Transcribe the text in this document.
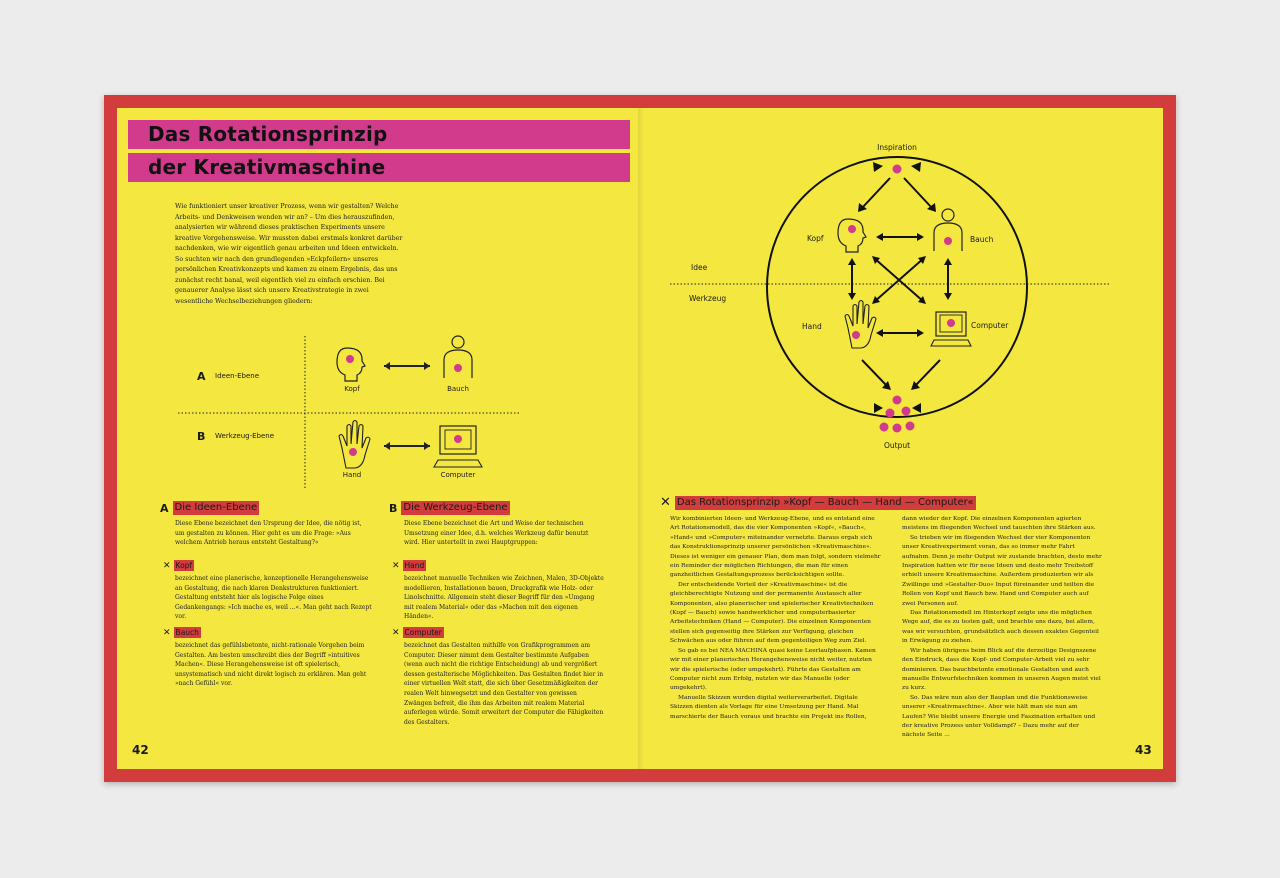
Das Rotationsprinzip
der Kreativmaschine

Wie funktioniert unser kreativer Prozess, wenn wir gestalten? Welche Arbeits- und Denkweisen wenden wir an? – Um dies herauszufinden, analysierten wir während dieses praktischen Experiments unsere kreative Vorgehensweise. Wir mussten dabei erstmals konkret darüber nachdenken, wie wir eigentlich genau arbeiten und Ideen entwickeln. So suchten wir nach den grundlegenden »Eckpfeilern« unseres persönlichen Kreativkonzepts und kamen zu einem Ergebnis, das uns zunächst recht banal, weil eigentlich viel zu einfach erschien. Bei genauerer Analyse lässt sich unsere Kreativstrategie in zwei wesentliche Wechselbeziehungen gliedern:

A Ideen-Ebene
B Werkzeug-Ebene
Kopf	Bauch
Hand	Computer
A Die Ideen-Ebene

Diese Ebene bezeichnet den Ursprung der Idee, die nötig ist, um gestalten zu können. Hier geht es um die Frage: »Aus welchem Antrieb heraus entsteht Gestaltung?«

✕ Kopf

bezeichnet eine planerische, konzeptionelle Herangehensweise an Gestaltung, die nach klaren Denkstrukturen funktioniert. Gestaltung entsteht hier als logische Folge eines Gedankengangs: »Ich mache es, weil ...«. Man geht nach Rezept vor.

✕ Bauch

bezeichnet das gefühlsbetonte, nicht-rationale Vorgehen beim Gestalten. Am besten umschreibt dies der Begriff »intuitives Machen«. Diese Herangehensweise ist oft spielerisch, unsystematisch und nicht direkt logisch zu erklären. Man geht »nach Gefühl« vor.

B Die Werkzeug-Ebene

Diese Ebene bezeichnet die Art und Weise der technischen Umsetzung einer Idee, d.h. welches Werkzeug dafür benutzt wird. Hier unterteilt in zwei Hauptgruppen:

✕ Hand

bezeichnet manuelle Techniken wie Zeichnen, Malen, 3D-Objekte modellieren, Installationen bauen, Druckgrafik wie Holz- oder Linolschnitte. Allgemein steht dieser Begriff für den »Umgang mit realem Material« oder das »Machen mit den eigenen Händen«.

✕ Computer

bezeichnet das Gestalten mithilfe von Grafikprogrammen am Computer. Dieser nimmt dem Gestalter bestimmte Aufgaben (wenn auch nicht die richtige Entscheidung) ab und vergrößert dessen gestalterische Möglichkeiten. Das Gestalten findet hier in einer virtuellen Welt statt, die sich über Gesetzmäßigkeiten der realen Welt hinwegsetzt und den Gestalter von gewissen Zwängen befreit, die ihm das Arbeiten mit realem Material auferlegen würde. Somit erweitert der Computer die Fähigkeiten des Gestalters.

42
Inspiration
Kopf	Bauch
Hand	Computer
Idee
Werkzeug
Output
✕ Das Rotationsprinzip »Kopf — Bauch — Hand — Computer«

Wir kombinierten Ideen- und Werkzeug-Ebene, und es entstand eine Art Rotationsmodell, das die vier Komponenten »Kopf«, »Bauch«, »Hand« und »Computer« miteinander vernetzte. Daraus ergab sich das Konstruktionsprinzip unserer persönlichen »Kreativmaschine«. Dieses ist weniger ein genauer Plan, dem man folgt, sondern vielmehr ein Reminder der möglichen Richtungen, die man für einen ganzheitlichen Gestaltungsprozess berücksichtigen sollte.

Der entscheidende Vorteil der »Kreativmaschine« ist die gleichberechtigte Nutzung und der permanente Austausch aller Komponenten, also planerischer und spielerischer Kreativtechniken (Kopf — Bauch) sowie handwerklicher und computerbasierter Arbeitstechniken (Hand — Computer). Die einzelnen Komponenten stellen sich gegenseitig ihre Stärken zur Verfügung, gleichen Schwächen aus oder führen auf dem gegenteiligen Weg zum Ziel.

So gab es bei NEA MACHINA quasi keine Leerlaufphasen. Kamen wir mit einer planerischen Herangehensweise nicht weiter, nutzten wir die spielerische (oder umgekehrt). Führte das Gestalten am Computer nicht zum Erfolg, nutzten wir das Manuelle (oder umgekehrt).

Manuelle Skizzen wurden digital weiterverarbeitet. Digitale Skizzen dienten als Vorlage für eine Umsetzung per Hand. Mal marschierte der Bauch voraus und brachte ein Projekt ins Rollen,

dann wieder der Kopf. Die einzelnen Komponenten agierten meistens im fliegenden Wechsel und tauschten ihre Stärken aus.

So trieben wir im fliegenden Wechsel der vier Komponenten unser Kreativexperiment voran, das so immer mehr Fahrt aufnahm. Denn je mehr Output wir zustande brachten, desto mehr Inspiration hatten wir für neue Ideen und desto mehr Treibstoff erhielt unsere Kreativmaschine. Außerdem produzierten wir als Zwillinge und »Gestalter-Duo« Input füreinander und teilten die Rollen von Kopf und Bauch bzw. Hand und Computer auch auf zwei Personen auf.

Das Rotationsmodell im Hinterkopf zeigte uns die möglichen Wege auf, die es zu testen galt, und brachte uns dazu, bei allem, was wir versuchten, grundsätzlich auch dessen exaktes Gegenteil in Erwägung zu ziehen.

Wir haben übrigens beim Blick auf die derzeitige Designszene den Eindruck, dass die Kopf- und Computer-Arbeit viel zu sehr dominieren. Das bauchbetonte emotionale Gestalten und auch manuelle Entwurfstechniken kommen in unseren Augen meist viel zu kurz.

So. Das wäre nun also der Bauplan und die Funktionsweise unserer »Kreativmaschine«. Aber wie hält man sie nun am Laufen? Wie bleibt unsere Energie und Faszination erhalten und der kreative Prozess unter Volldampf? – Dazu mehr auf der nächste Seite ...

43
